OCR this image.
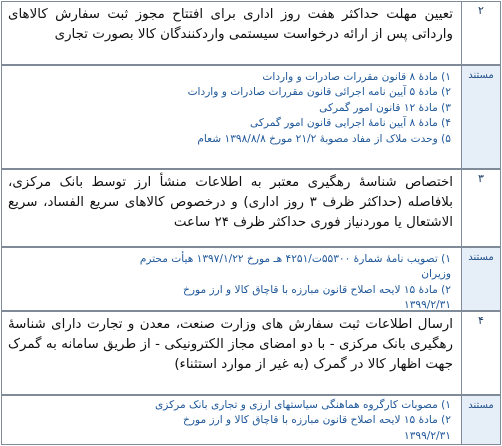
۲
تعیین مهلت حداکثر هفت روز اداری برای افتتاح مجوز ثبت سفارش کالاهای وارداتی پس از ارائه درخواست سیستمی واردکنندگان کالا بصورت تجاری
مستند
۱) مادهٔ ۸ قانون مقررات صادرات و واردات
۲) مادهٔ ۵ آیین نامه اجرائی قانون مقررات صادرات و واردات
۳) مادهٔ ۱۲ قانون امور گمرکی
۴) مادهٔ ۸ آیین نامهٔ اجرایی قانون امور گمرکی
۵) وحدت ملاک از مفاد مصوبهٔ ۲۱/۲ مورخ ۱۳۹۸/۸/۸ شعام
۳
اختصاص شناسهٔ رهگیری معتبر به اطلاعات منشأ ارز توسط بانک مرکزی، بلافاصله (حداکثر ظرف ۳ روز اداری) و درخصوص کالاهای سریع الفساد، سریع الاشتعال یا موردنیاز فوری حداکثر ظرف ۲۴ ساعت
مستند
۱) تصویب نامهٔ شمارهٔ ۵۵۳۰۰ت/۴۲۵۱ هـ مورخ ۱۳۹۷/۱/۲۲ هیأت محترم
وزیران
۲) مادهٔ ۱۵ لایحه اصلاح قانون مبارزه با قاچاق کالا و ارز مورخ
۱۳۹۹/۲/۳۱
۴
ارسال اطلاعات ثبت سفارش های وزارت صنعت، معدن و تجارت دارای شناسهٔ رهگیری بانک مرکزی - با دو امضای مجاز الکترونیکی - از طریق سامانه به گمرک جهت اظهار کالا در گمرک (به غیر از موارد استثناء)
مستند
۱) مصوبات کارگروه هماهنگی سیاستهای ارزی و تجاری بانک مرکزی
۲) مادهٔ ۱۵ لایحه اصلاح قانون مبارزه با قاچاق کالا و ارز مورخ
۱۳۹۹/۲/۳۱
